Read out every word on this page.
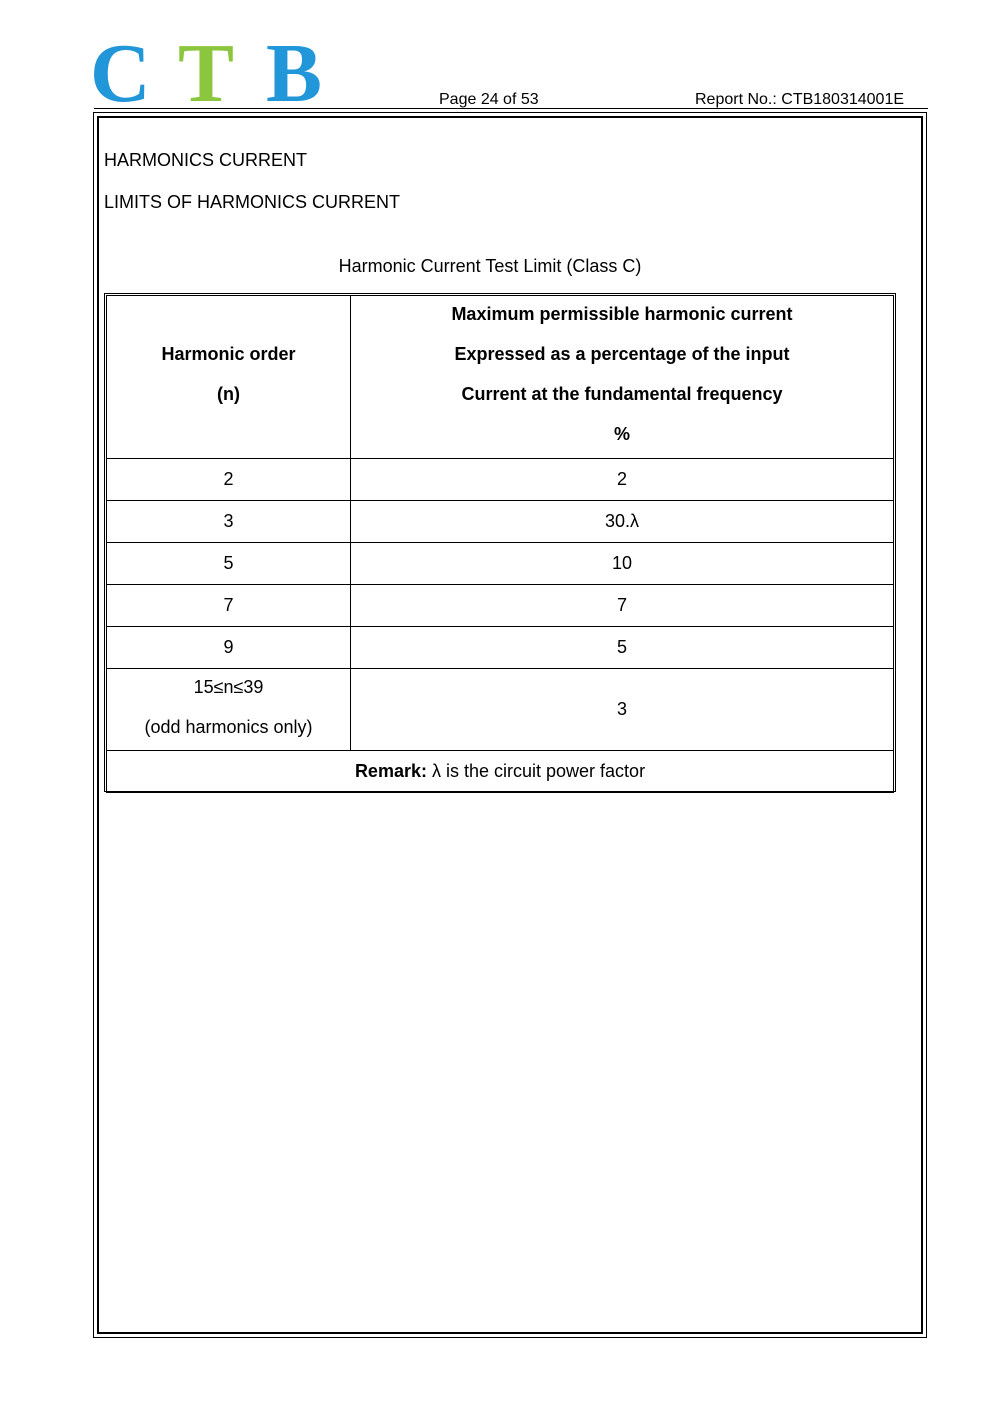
C T B	Page 24 of 53	Report No.: CTB180314001E
HARMONICS CURRENT
LIMITS OF HARMONICS CURRENT
Harmonic Current Test Limit (Class C)
Harmonic order
(n)	Maximum permissible harmonic current
Expressed as a percentage of the input
Current at the fundamental frequency
%

2	2
3	30.λ
5	10
7	7
9	5

15≤n≤39
(odd harmonics only)	3
Remark: λ is the circuit power factor	
